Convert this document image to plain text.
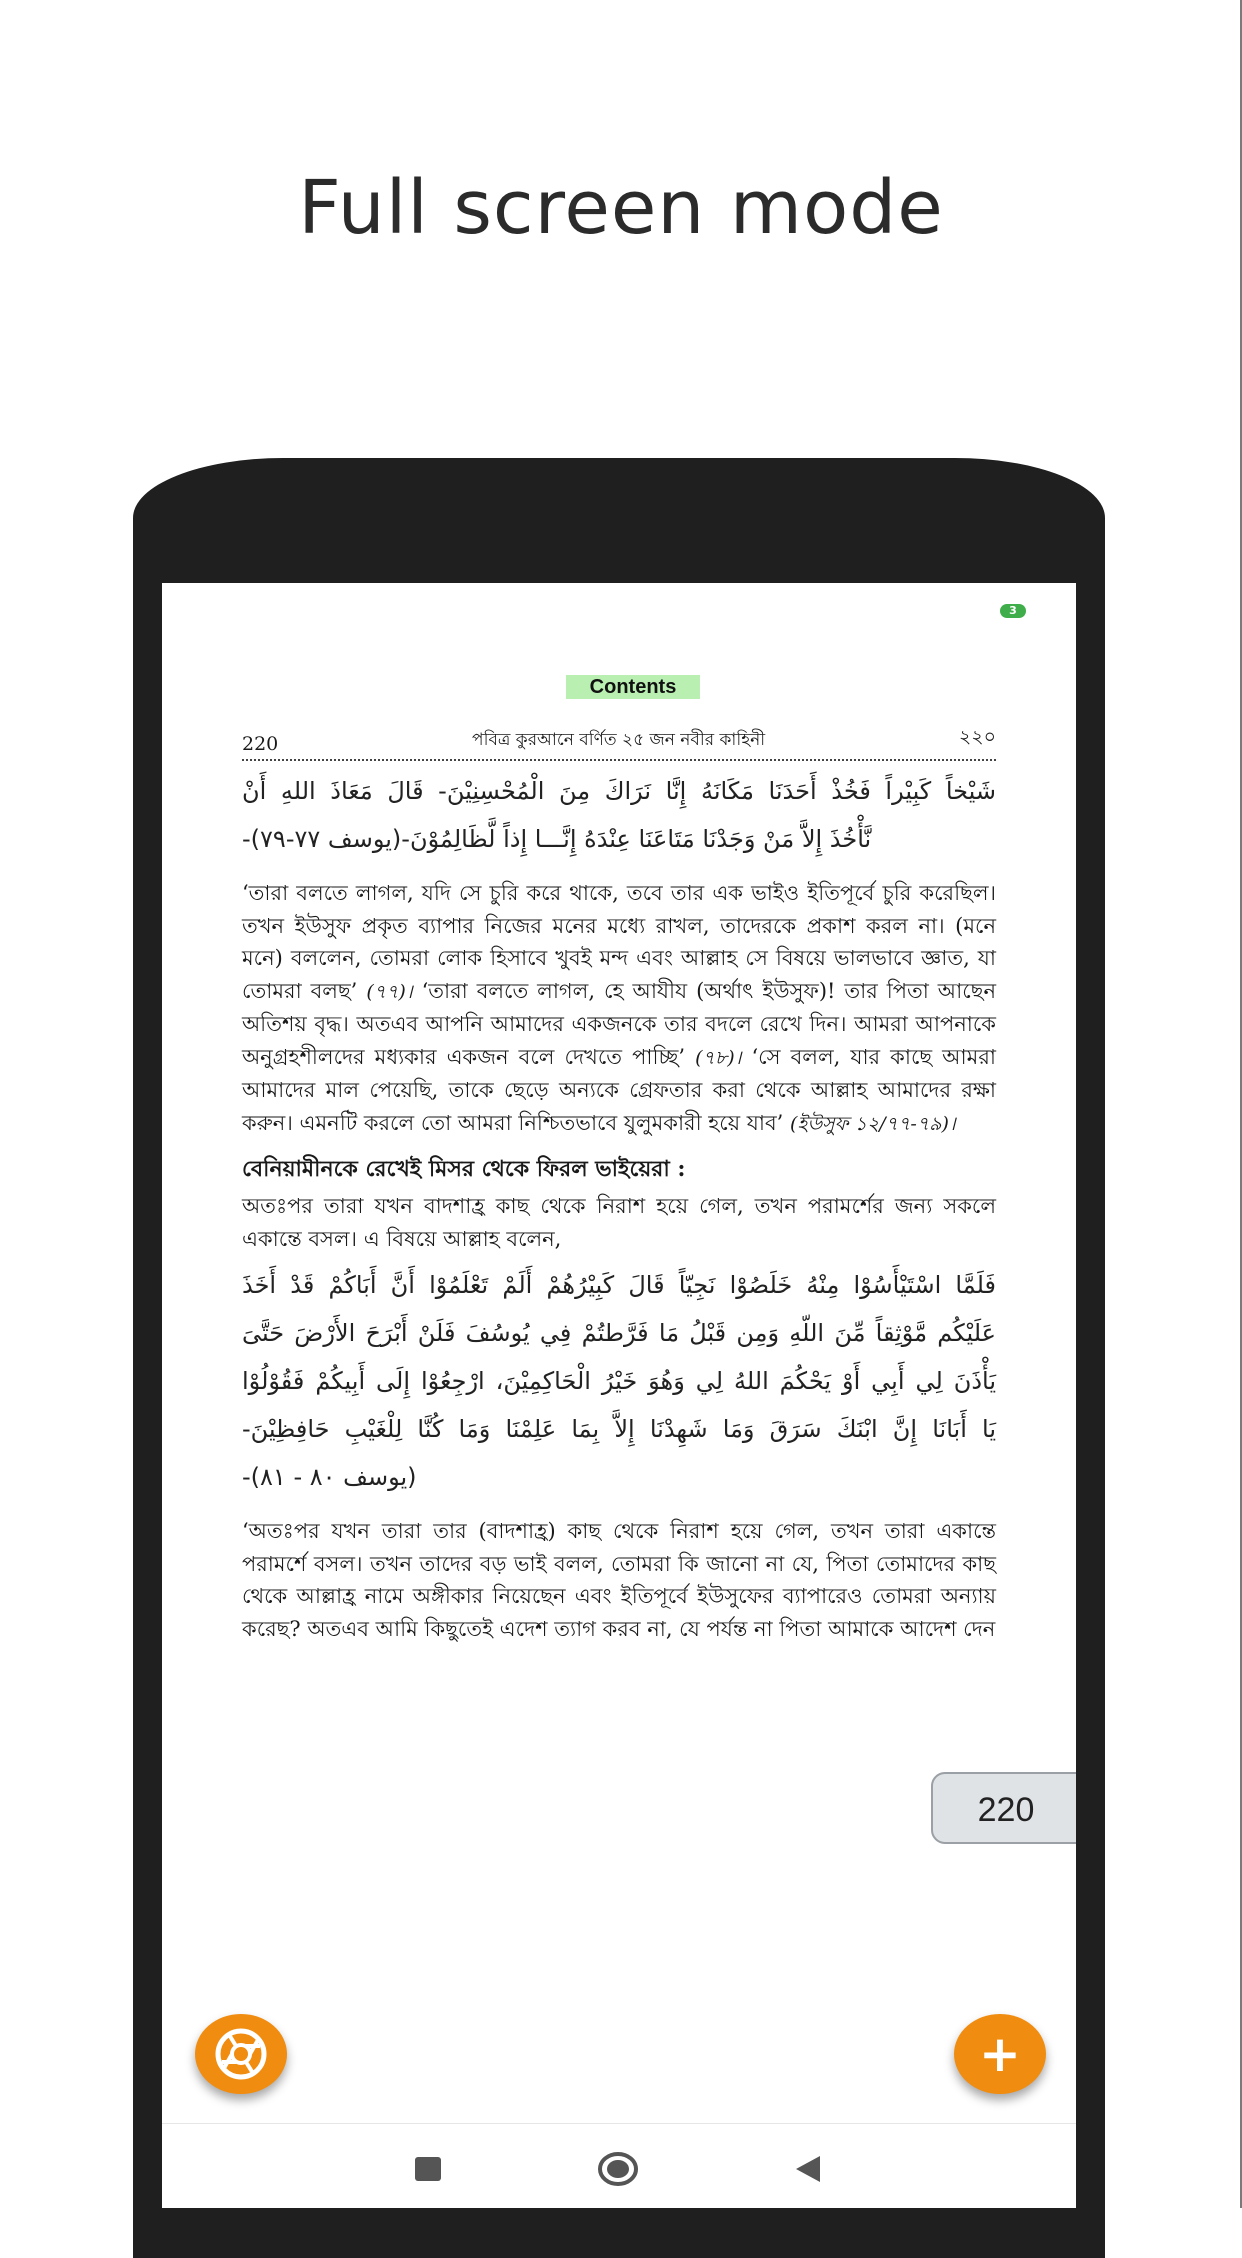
Full screen mode
3
Contents
220	পবিত্র কুরআনে বর্ণিত ২৫ জন নবীর কাহিনী	২২০
شَيْخاً كَبِيْراً فَخُذْ أَحَدَنَا مَكَانَهُ إِنَّا نَرَاكَ مِنَ الْمُحْسِنِيْنَ- قَالَ مَعَاذَ اللهِ أَنْ
نَّأْخُذَ إِلاَّ مَنْ وَجَدْنَا مَتَاعَنَا عِنْدَهُ إِنَّـــا إِذاً لَّظَالِمُوْنَ-(يوسف ٧٧-٧٩)-
‘তারা বলতে লাগল, যদি সে চুরি করে থাকে, তবে তার এক ভাইও ইতিপূর্বে চুরি করেছিল। তখন ইউসুফ প্রকৃত ব্যাপার নিজের মনের মধ্যে রাখল, তাদেরকে প্রকাশ করল না। (মনে মনে) বললেন, তোমরা লোক হিসাবে খুবই মন্দ এবং আল্লাহ সে বিষয়ে ভালভাবে জ্ঞাত, যা তোমরা বলছ’ (৭৭)। ‘তারা বলতে লাগল, হে আযীয (অর্থাৎ ইউসুফ)! তার পিতা আছেন অতিশয় বৃদ্ধ। অতএব আপনি আমাদের একজনকে তার বদলে রেখে দিন। আমরা আপনাকে অনুগ্রহশীলদের মধ্যকার একজন বলে দেখতে পাচ্ছি’ (৭৮)। ‘সে বলল, যার কাছে আমরা আমাদের মাল পেয়েছি, তাকে ছেড়ে অন্যকে গ্রেফতার করা থেকে আল্লাহ আমাদের রক্ষা করুন। এমনটি করলে তো আমরা নিশ্চিতভাবে যুলুমকারী হয়ে যাব’ (ইউসুফ ১২/৭৭-৭৯)।
বেনিয়ামীনকে রেখেই মিসর থেকে ফিরল ভাইয়েরা :
অতঃপর তারা যখন বাদশাহ্র কাছ থেকে নিরাশ হয়ে গেল, তখন পরামর্শের জন্য সকলে একান্তে বসল। এ বিষয়ে আল্লাহ বলেন,
فَلَمَّا اسْتَيْأَسُوْا مِنْهُ خَلَصُوْا نَجِيّاً قَالَ كَبِيْرُهُمْ أَلَمْ تَعْلَمُوْا أَنَّ أَبَاكُمْ قَدْ أَخَذَ
عَلَيْكُم مَّوْثِقاً مِّنَ اللّهِ وَمِن قَبْلُ مَا فَرَّطتُمْ فِي يُوسُفَ فَلَنْ أَبْرَحَ الأَرْضَ حَتَّىَ
يَأْذَنَ لِي أَبِي أَوْ يَحْكُمَ اللهُ لِي وَهُوَ خَيْرُ الْحَاكِمِيْنَ، ارْجِعُوْا إِلَى أَبِيكُمْ فَقُوْلُوْا
يَا أَبَانَا إِنَّ ابْنَكَ سَرَقَ وَمَا شَهِدْنَا إِلاَّ بِمَا عَلِمْنَا وَمَا كُنَّا لِلْغَيْبِ حَافِظِيْنَ-
(يوسف ٨٠ - ٨١)-
‘অতঃপর যখন তারা তার (বাদশাহ্র) কাছ থেকে নিরাশ হয়ে গেল, তখন তারা একান্তে পরামর্শে বসল। তখন তাদের বড় ভাই বলল, তোমরা কি জানো না যে, পিতা তোমাদের কাছ থেকে আল্লাহ্র নামে অঙ্গীকার নিয়েছেন এবং ইতিপূর্বে ইউসুফের ব্যাপারেও তোমরা অন্যায় করেছ? অতএব আমি কিছুতেই এদেশ ত্যাগ করব না, যে পর্যন্ত না পিতা আমাকে আদেশ দেন
220
+
